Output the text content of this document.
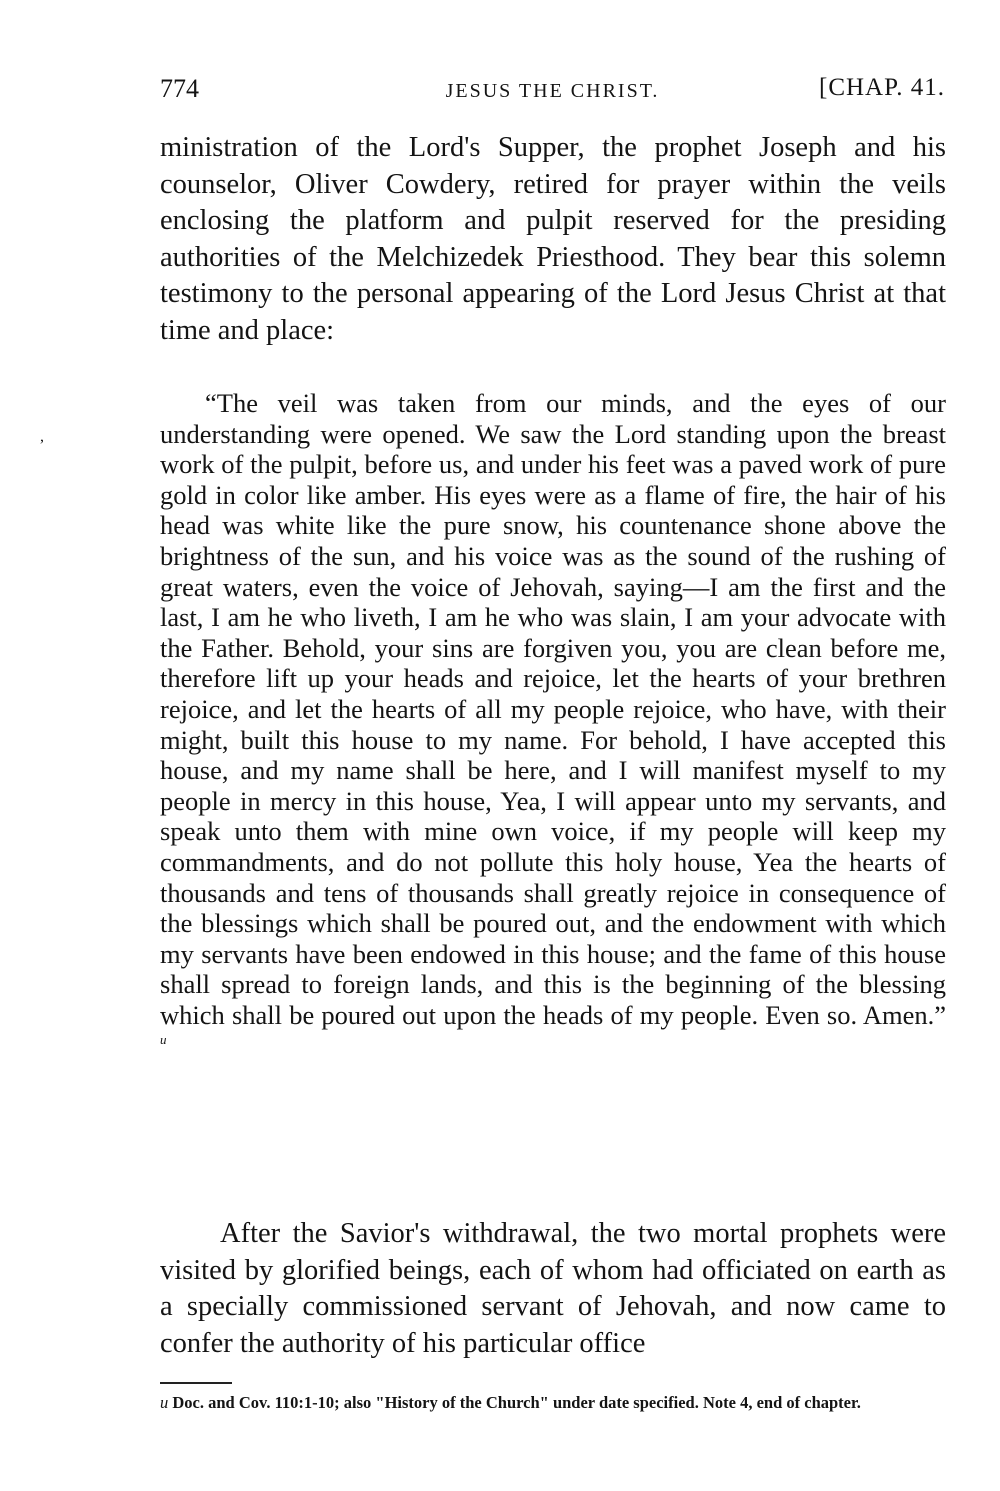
774	JESUS THE CHRIST.	[CHAP. 41.

ministration of the Lord's Supper, the prophet Joseph and his counselor, Oliver Cowdery, retired for prayer within the veils enclosing the platform and pulpit reserved for the presiding authorities of the Melchizedek Priesthood. They bear this solemn testimony to the personal appearing of the Lord Jesus Christ at that time and place:

,

“The veil was taken from our minds, and the eyes of our understanding were opened. We saw the Lord standing upon the breast work of the pulpit, before us, and under his feet was a paved work of pure gold in color like amber. His eyes were as a flame of fire, the hair of his head was white like the pure snow, his countenance shone above the brightness of the sun, and his voice was as the sound of the rushing of great waters, even the voice of Jehovah, saying—I am the first and the last, I am he who liveth, I am he who was slain, I am your advocate with the Father. Behold, your sins are forgiven you, you are clean before me, therefore lift up your heads and rejoice, let the hearts of your brethren rejoice, and let the hearts of all my people rejoice, who have, with their might, built this house to my name. For behold, I have accepted this house, and my name shall be here, and I will manifest myself to my people in mercy in this house, Yea, I will appear unto my servants, and speak unto them with mine own voice, if my people will keep my commandments, and do not pollute this holy house, Yea the hearts of thousands and tens of thousands shall greatly rejoice in consequence of the blessings which shall be poured out, and the endowment with which my servants have been endowed in this house; and the fame of this house shall spread to foreign lands, and this is the beginning of the blessing which shall be poured out upon the heads of my people. Even so. Amen.” $^u$

After the Savior's withdrawal, the two mortal prophets were visited by glorified beings, each of whom had officiated on earth as a specially commissioned servant of Jehovah, and now came to confer the authority of his particular office

u Doc. and Cov. 110:1-10; also "History of the Church" under date specified. Note 4, end of chapter.
